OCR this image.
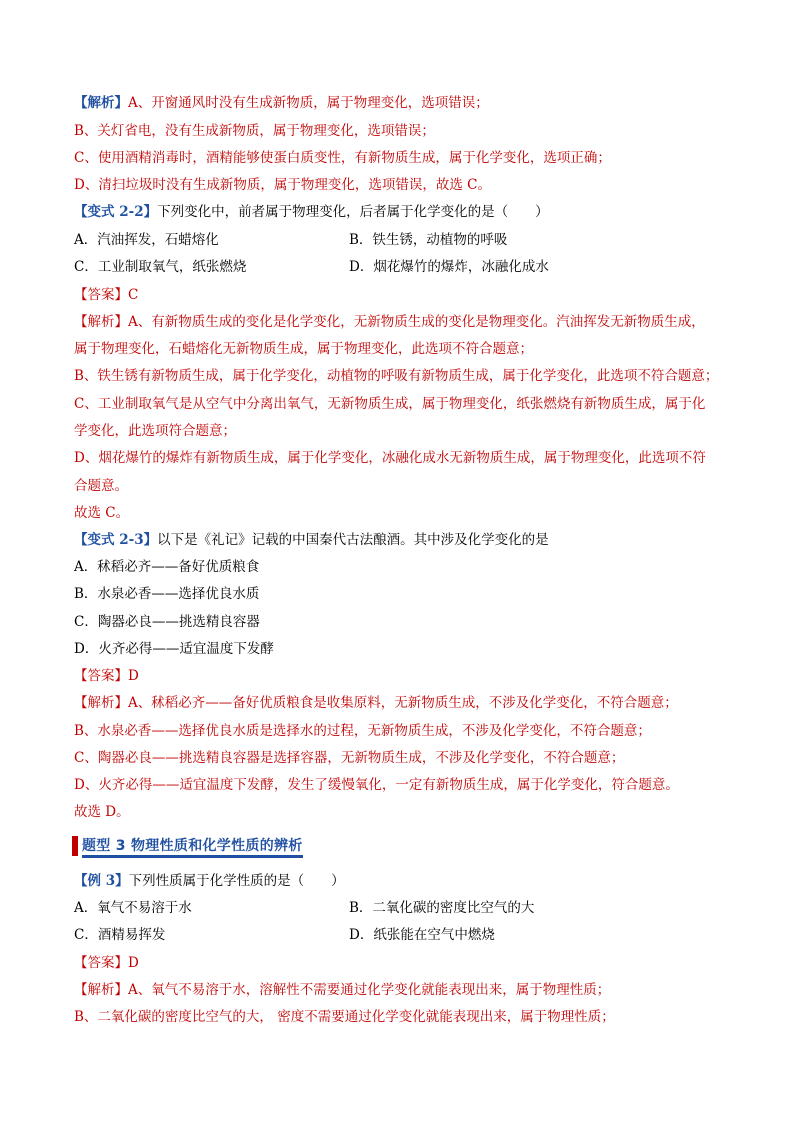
【解析】A、开窗通风时没有生成新物质，属于物理变化，选项错误；
B、关灯省电，没有生成新物质，属于物理变化，选项错误；
C、使用酒精消毒时，酒精能够使蛋白质变性，有新物质生成，属于化学变化，选项正确；
D、清扫垃圾时没有生成新物质，属于物理变化，选项错误，故选 C。
【变式 2-2】下列变化中，前者属于物理变化，后者属于化学变化的是（　　）
A．汽油挥发，石蜡熔化	B．铁生锈，动植物的呼吸
C．工业制取氧气，纸张燃烧	D．烟花爆竹的爆炸，冰融化成水
【答案】C
【解析】A、有新物质生成的变化是化学变化，无新物质生成的变化是物理变化。汽油挥发无新物质生成，
属于物理变化，石蜡熔化无新物质生成，属于物理变化，此选项不符合题意；
B、铁生锈有新物质生成，属于化学变化，动植物的呼吸有新物质生成，属于化学变化，此选项不符合题意；
C、工业制取氧气是从空气中分离出氧气，无新物质生成，属于物理变化，纸张燃烧有新物质生成，属于化
学变化，此选项符合题意；
D、烟花爆竹的爆炸有新物质生成，属于化学变化，冰融化成水无新物质生成，属于物理变化，此选项不符
合题意。
故选 C。
【变式 2-3】以下是《礼记》记载的中国秦代古法酿酒。其中涉及化学变化的是
A．秫稻必齐——备好优质粮食
B．水泉必香——选择优良水质
C．陶器必良——挑选精良容器
D．火齐必得——适宜温度下发酵
【答案】D
【解析】A、秫稻必齐——备好优质粮食是收集原料，无新物质生成，不涉及化学变化，不符合题意；
B、水泉必香——选择优良水质是选择水的过程，无新物质生成，不涉及化学变化，不符合题意；
C、陶器必良——挑选精良容器是选择容器，无新物质生成，不涉及化学变化，不符合题意；
D、火齐必得——适宜温度下发酵，发生了缓慢氧化，一定有新物质生成，属于化学变化，符合题意。
故选 D。
题型 3 物理性质和化学性质的辨析
【例 3】下列性质属于化学性质的是（　　）
A．氧气不易溶于水	B．二氧化碳的密度比空气的大
C．酒精易挥发	D．纸张能在空气中燃烧
【答案】D
【解析】A、氧气不易溶于水，溶解性不需要通过化学变化就能表现出来，属于物理性质；
B、二氧化碳的密度比空气的大， 密度不需要通过化学变化就能表现出来，属于物理性质；
